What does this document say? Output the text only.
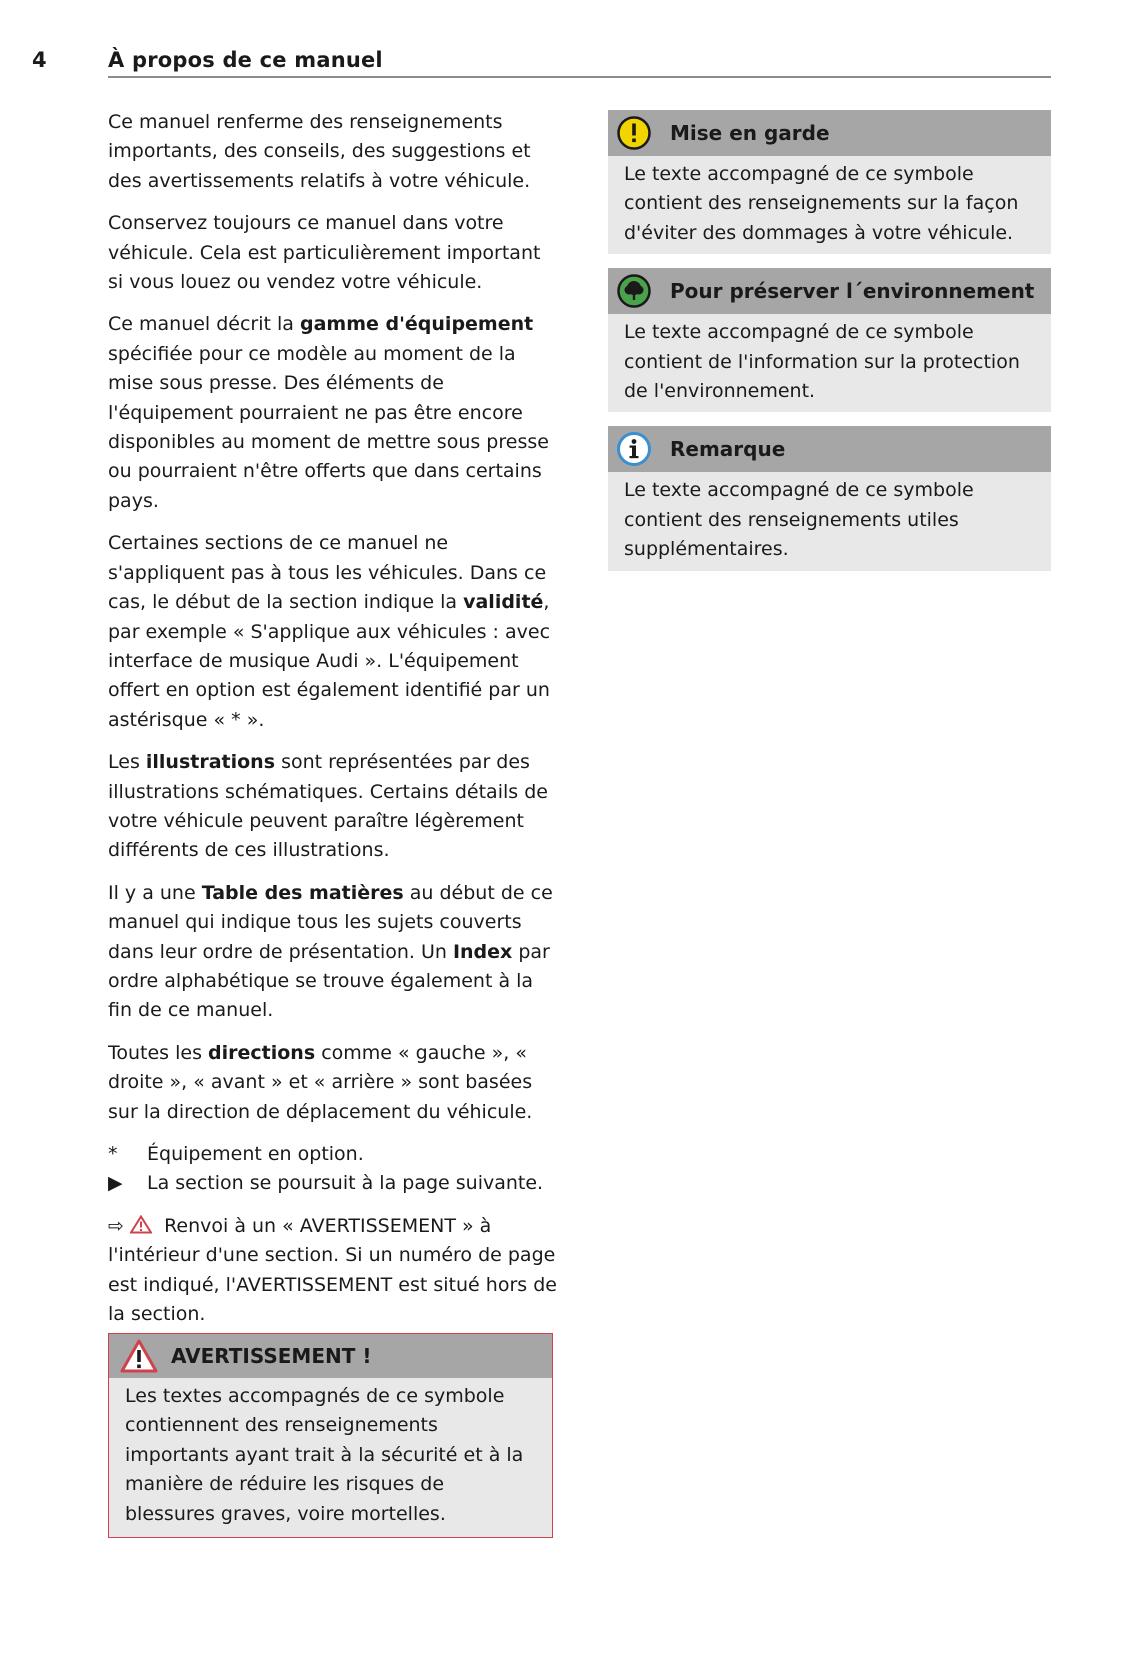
4	À propos de ce manuel

Ce manuel renferme des renseignements importants, des conseils, des suggestions et des avertissements relatifs à votre véhicule.

Conservez toujours ce manuel dans votre véhicule. Cela est particulièrement important si vous louez ou vendez votre véhicule.

Ce manuel décrit la gamme d'équipement spécifiée pour ce modèle au moment de la mise sous presse. Des éléments de l'équipement pourraient ne pas être encore disponibles au moment de mettre sous presse ou pourraient n'être offerts que dans certains pays.

Certaines sections de ce manuel ne s'appliquent pas à tous les véhicules. Dans ce cas, le début de la section indique la validité, par exemple « S'applique aux véhicules : avec interface de musique Audi ». L'équipement offert en option est également identifié par un astérisque « * ».

Les illustrations sont représentées par des illustrations schématiques. Certains détails de votre véhicule peuvent paraître légèrement différents de ces illustrations.

Il y a une Table des matières au début de ce manuel qui indique tous les sujets couverts dans leur ordre de présentation. Un Index par ordre alphabétique se trouve également à la fin de ce manuel.

Toutes les directions comme « gauche », « droite », « avant » et « arrière » sont basées sur la direction de déplacement du véhicule.

*	Équipement en option.
▶	La section se poursuit à la page suivante.

⇨ Renvoi à un « AVERTISSEMENT » à l'intérieur d'une section. Si un numéro de page est indiqué, l'AVERTISSEMENT est situé hors de la section.

AVERTISSEMENT !
Les textes accompagnés de ce symbole contiennent des renseignements importants ayant trait à la sécurité et à la manière de réduire les risques de blessures graves, voire mortelles.
Mise en garde
Le texte accompagné de ce symbole contient des renseignements sur la façon d'éviter des dommages à votre véhicule.
Pour préserver l´environnement
Le texte accompagné de ce symbole contient de l'information sur la protection de l'environnement.
Remarque
Le texte accompagné de ce symbole contient des renseignements utiles supplémentaires.
